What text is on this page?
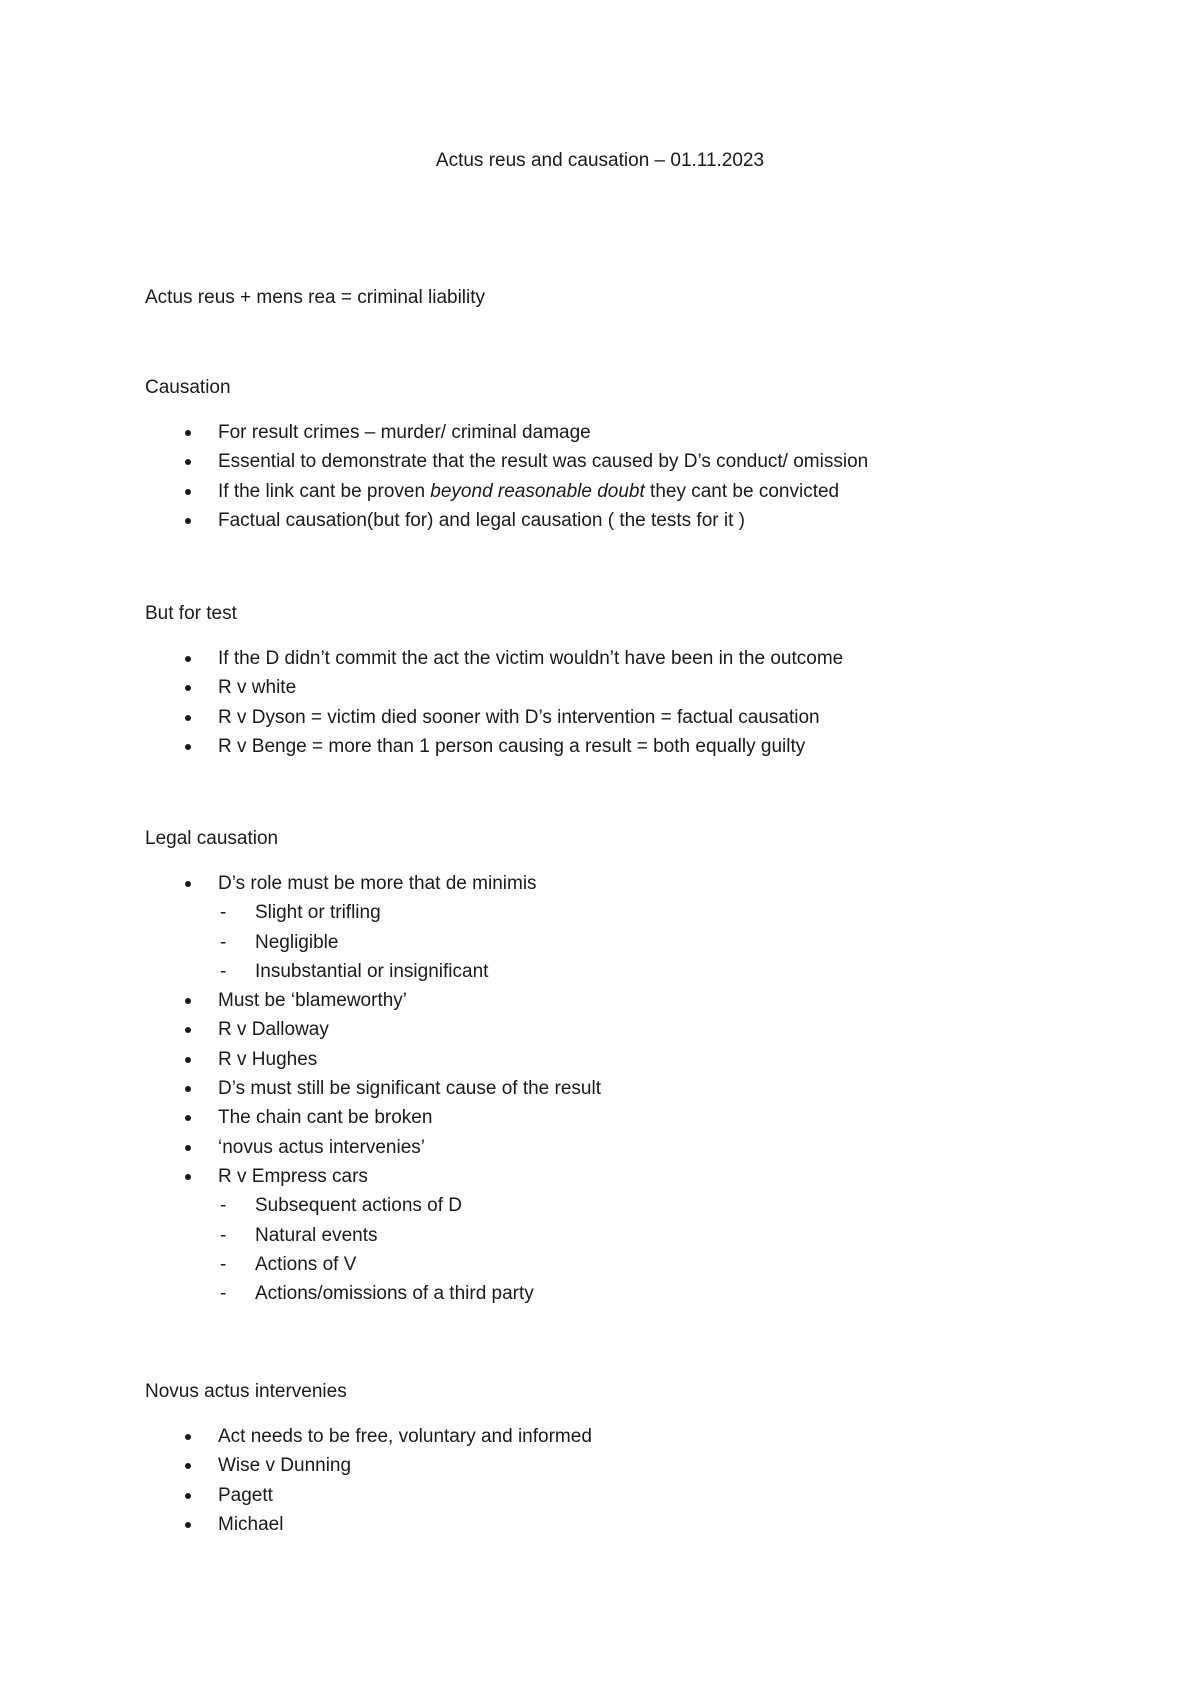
Actus reus and causation – 01.11.2023
Actus reus + mens rea = criminal liability

Causation

For result crimes – murder/ criminal damage
Essential to demonstrate that the result was caused by D’s conduct/ omission
If the link cant be proven beyond reasonable doubt they cant be convicted
Factual causation(but for) and legal causation ( the tests for it )

But for test

If the D didn’t commit the act the victim wouldn’t have been in the outcome
R v white
R v Dyson = victim died sooner with D’s intervention = factual causation
R v Benge = more than 1 person causing a result = both equally guilty

Legal causation

D’s role must be more that de minimis
- Slight or trifling
- Negligible
- Insubstantial or insignificant
Must be ‘blameworthy’
R v Dalloway
R v Hughes
D’s must still be significant cause of the result
The chain cant be broken
‘novus actus intervenies’
R v Empress cars
- Subsequent actions of D
- Natural events
- Actions of V
- Actions/omissions of a third party

Novus actus intervenies

Act needs to be free, voluntary and informed
Wise v Dunning
Pagett
Michael
